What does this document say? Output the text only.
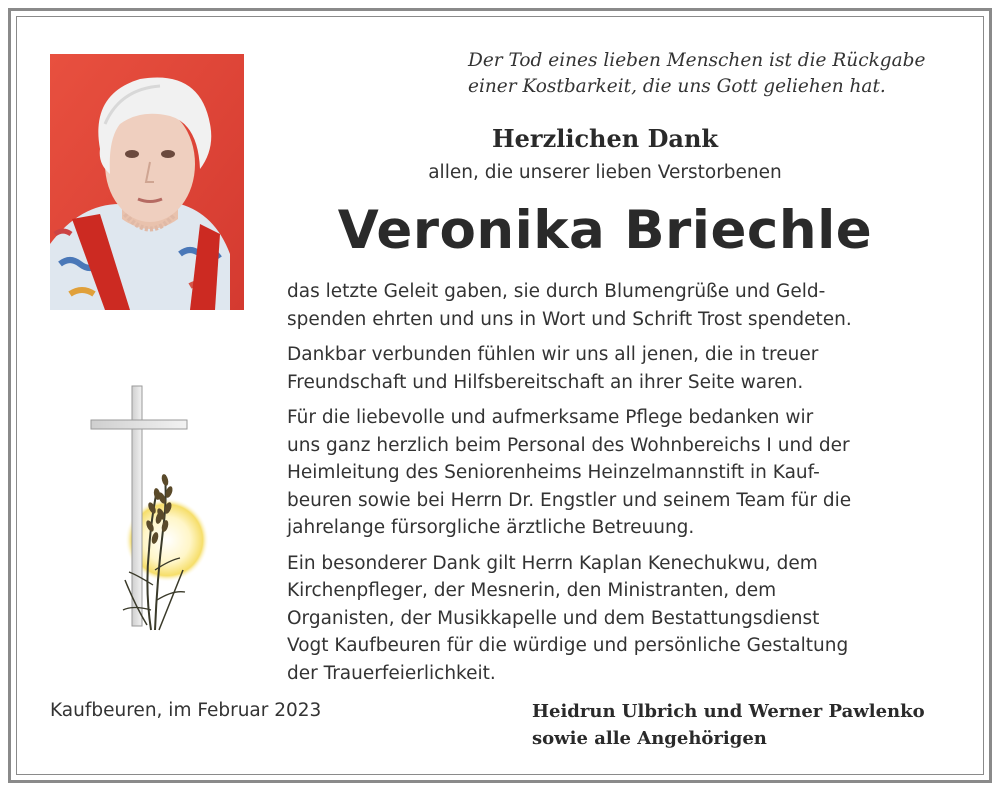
Der Tod eines lieben Menschen ist die Rückgabe
einer Kostbarkeit, die uns Gott geliehen hat.
Herzlichen Dank
allen, die unserer lieben Verstorbenen
Veronika Briechle

das letzte Geleit gaben, sie durch Blumengrüße und Geld-
spenden ehrten und uns in Wort und Schrift Trost spendeten.

Dankbar verbunden fühlen wir uns all jenen, die in treuer
Freundschaft und Hilfsbereitschaft an ihrer Seite waren.

Für die liebevolle und aufmerksame Pflege bedanken wir
uns ganz herzlich beim Personal des Wohnbereichs I und der
Heimleitung des Seniorenheims Heinzelmannstift in Kauf-
beuren sowie bei Herrn Dr. Engstler und seinem Team für die
jahrelange fürsorgliche ärztliche Betreuung.

Ein besonderer Dank gilt Herrn Kaplan Kenechukwu, dem
Kirchenpfleger, der Mesnerin, den Ministranten, dem
Organisten, der Musikkapelle und dem Bestattungsdienst
Vogt Kaufbeuren für die würdige und persönliche Gestaltung
der Trauerfeierlichkeit.

Kaufbeuren, im Februar 2023	Heidrun Ulbrich und Werner Pawlenko
sowie alle Angehörigen
